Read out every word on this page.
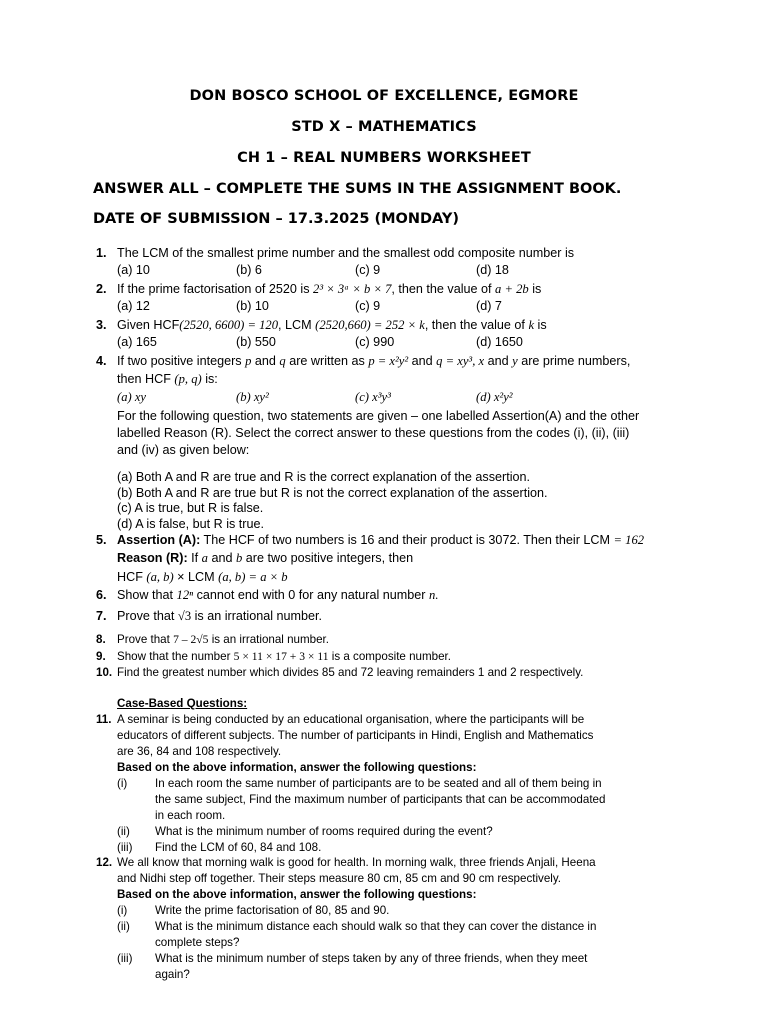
DON BOSCO SCHOOL OF EXCELLENCE, EGMORE
STD X – MATHEMATICS
CH 1 – REAL NUMBERS WORKSHEET
ANSWER ALL – COMPLETE THE SUMS IN THE ASSIGNMENT BOOK.
DATE OF SUBMISSION – 17.3.2025 (MONDAY)
1. The LCM of the smallest prime number and the smallest odd composite number is
(a) 10	(b) 6	(c) 9	(d) 18
2. If the prime factorisation of 2520 is 2³ × 3ᵃ × b × 7, then the value of a + 2b is
(a) 12	(b) 10	(c) 9	(d) 7
3. Given HCF(2520, 6600) = 120, LCM (2520,660) = 252 × k, then the value of k is
(a) 165	(b) 550	(c) 990	(d) 1650
4. If two positive integers p and q are written as p = x²y² and q = xy³, x and y are prime numbers,
then HCF (p, q) is:
(a) xy	(b) xy²	(c) x³y³	(d) x²y²
For the following question, two statements are given – one labelled Assertion(A) and the other
labelled Reason (R). Select the correct answer to these questions from the codes (i), (ii), (iii)
and (iv) as given below:
(a) Both A and R are true and R is the correct explanation of the assertion.
(b) Both A and R are true but R is not the correct explanation of the assertion.
(c) A is true, but R is false.
(d) A is false, but R is true.
5. Assertion (A): The HCF of two numbers is 16 and their product is 3072. Then their LCM = 162
Reason (R): If a and b are two positive integers, then
HCF (a, b) × LCM (a, b) = a × b
6. Show that 12ⁿ cannot end with 0 for any natural number n.
7. Prove that √3 is an irrational number.
8. Prove that 7 – 2√5 is an irrational number.
9. Show that the number 5 × 11 × 17 + 3 × 11 is a composite number.
10. Find the greatest number which divides 85 and 72 leaving remainders 1 and 2 respectively.
Case-Based Questions:
11. A seminar is being conducted by an educational organisation, where the participants will be
educators of different subjects. The number of participants in Hindi, English and Mathematics
are 36, 84 and 108 respectively.
Based on the above information, answer the following questions:
(i) In each room the same number of participants are to be seated and all of them being in
the same subject, Find the maximum number of participants that can be accommodated
in each room.
(ii) What is the minimum number of rooms required during the event?
(iii) Find the LCM of 60, 84 and 108.
12. We all know that morning walk is good for health. In morning walk, three friends Anjali, Heena
and Nidhi step off together. Their steps measure 80 cm, 85 cm and 90 cm respectively.
Based on the above information, answer the following questions:
(i) Write the prime factorisation of 80, 85 and 90.
(ii) What is the minimum distance each should walk so that they can cover the distance in
complete steps?
(iii) What is the minimum number of steps taken by any of three friends, when they meet
again?
